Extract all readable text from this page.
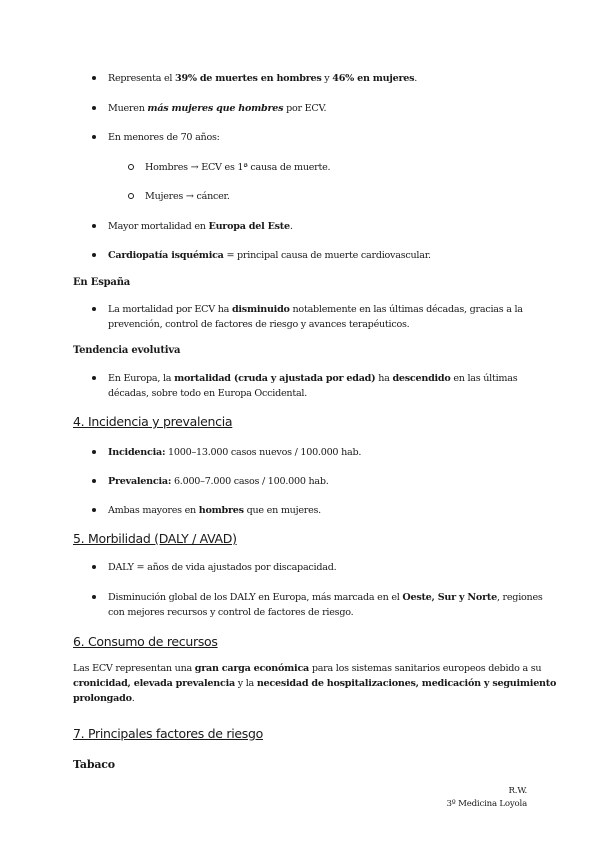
Representa el 39% de muertes en hombres y 46% en mujeres.
Mueren más mujeres que hombres por ECV.
En menores de 70 años:
Hombres → ECV es 1ª causa de muerte.
Mujeres → cáncer.
Mayor mortalidad en Europa del Este.
Cardiopatía isquémica = principal causa de muerte cardiovascular.
En España
La mortalidad por ECV ha disminuido notablemente en las últimas décadas, gracias a la
prevención, control de factores de riesgo y avances terapéuticos.
Tendencia evolutiva
En Europa, la mortalidad (cruda y ajustada por edad) ha descendido en las últimas
décadas, sobre todo en Europa Occidental.
4. Incidencia y prevalencia
Incidencia: 1000–13.000 casos nuevos / 100.000 hab.
Prevalencia: 6.000–7.000 casos / 100.000 hab.
Ambas mayores en hombres que en mujeres.
5. Morbilidad (DALY / AVAD)
DALY = años de vida ajustados por discapacidad.
Disminución global de los DALY en Europa, más marcada en el Oeste, Sur y Norte, regiones
con mejores recursos y control de factores de riesgo.
6. Consumo de recursos
Las ECV representan una gran carga económica para los sistemas sanitarios europeos debido a su
cronicidad, elevada prevalencia y la necesidad de hospitalizaciones, medicación y seguimiento
prolongado.
7. Principales factores de riesgo
Tabaco
R.W.
3º Medicina Loyola
